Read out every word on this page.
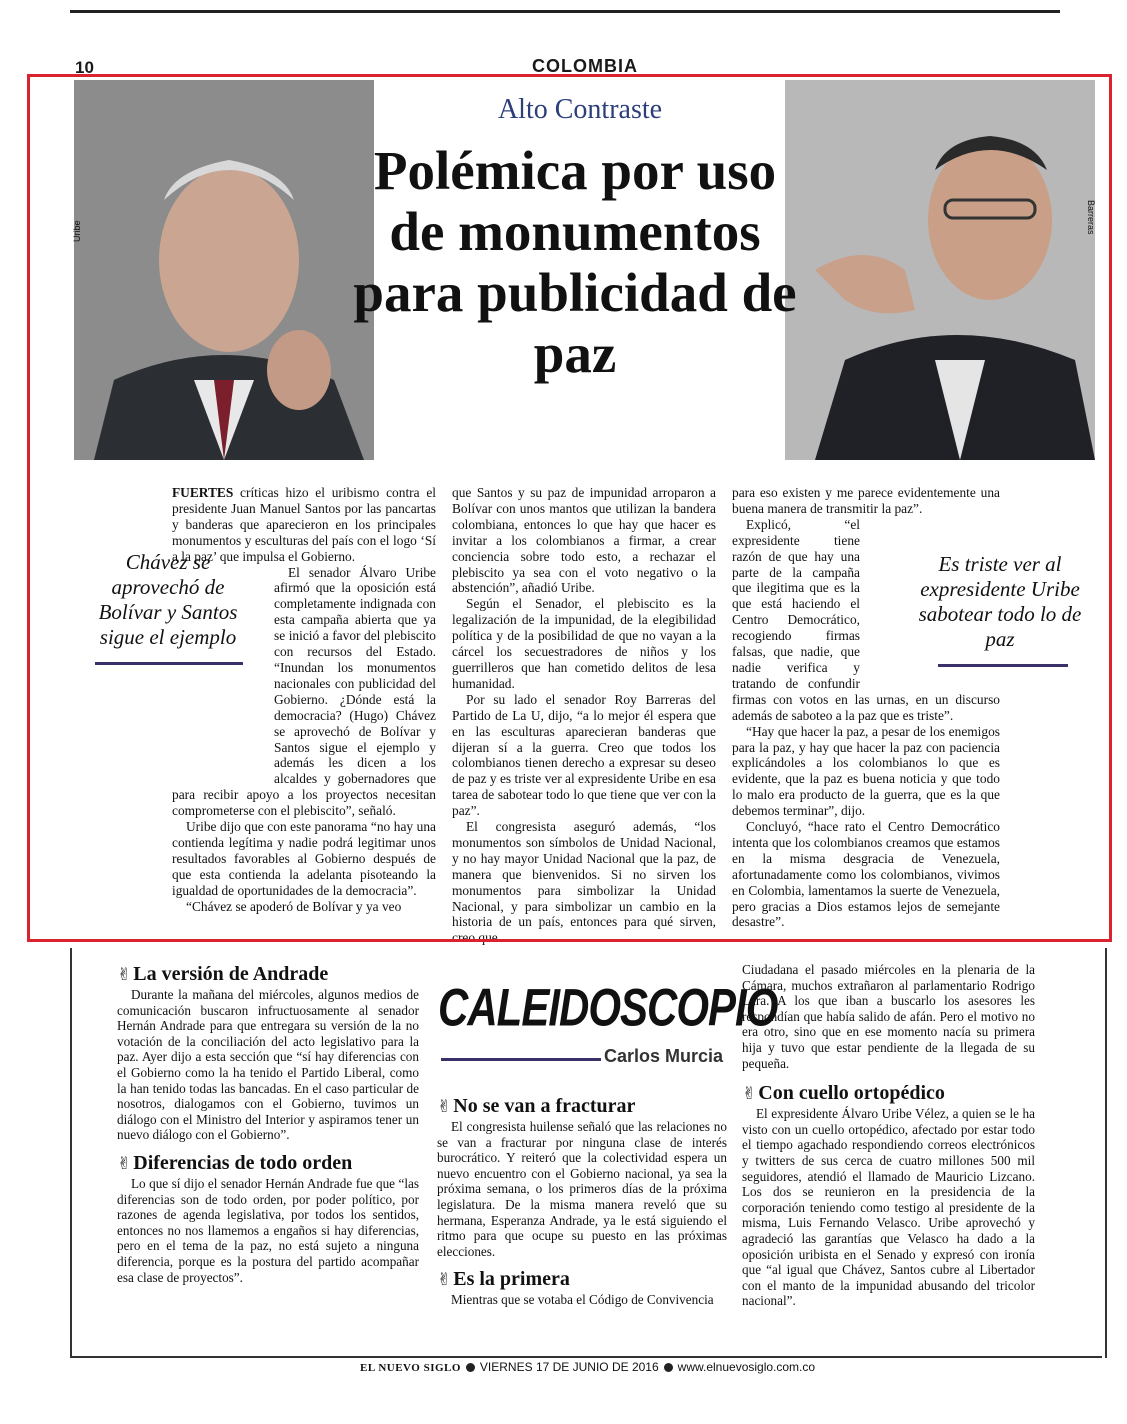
10	COLOMBIA
Uribe	Barreras
Alto Contraste
Polémica por uso de monumentos para publicidad de paz
Chávez se aprovechó de Bolívar y Santos sigue el ejemplo
Es triste ver al expresidente Uribe sabotear todo lo de paz

FUERTES críticas hizo el uribismo contra el presidente Juan Manuel Santos por las pancartas y banderas que aparecieron en los principales monumentos y esculturas del país con el logo ‘Sí a la paz’ que impulsa el Gobierno.

El senador Álvaro Uribe afirmó que la oposición está completamente indignada con esta campaña abierta que ya se inició a favor del plebiscito con recursos del Estado. “Inundan los monumentos nacionales con publicidad del Gobierno. ¿Dónde está la democracia? (Hugo) Chávez se aprovechó de Bolívar y Santos sigue el ejemplo y además les dicen a los alcaldes y gobernadores que para recibir apoyo a los proyectos necesitan comprometerse con el plebiscito”, señaló.

Uribe dijo que con este panorama “no hay una contienda legítima y nadie podrá legitimar unos resultados favorables al Gobierno después de que esta contienda la adelanta pisoteando la igualdad de oportunidades de la democracia”.

“Chávez se apoderó de Bolívar y ya veo

que Santos y su paz de impunidad arroparon a Bolívar con unos mantos que utilizan la bandera colombiana, entonces lo que hay que hacer es invitar a los colombianos a firmar, a crear conciencia sobre todo esto, a rechazar el plebiscito ya sea con el voto negativo o la abstención”, añadió Uribe.

Según el Senador, el plebiscito es la legalización de la impunidad, de la elegibilidad política y de la posibilidad de que no vayan a la cárcel los secuestradores de niños y los guerrilleros que han cometido delitos de lesa humanidad.

Por su lado el senador Roy Barreras del Partido de La U, dijo, “a lo mejor él espera que en las esculturas aparecieran banderas que dijeran sí a la guerra. Creo que todos los colombianos tienen derecho a expresar su deseo de paz y es triste ver al expresidente Uribe en esa tarea de sabotear todo lo que tiene que ver con la paz”.

El congresista aseguró además, “los monumentos son símbolos de Unidad Nacional, y no hay mayor Unidad Nacional que la paz, de manera que bienvenidos. Si no sirven los monumentos para simbolizar la Unidad Nacional, y para simbolizar un cambio en la historia de un país, entonces para qué sirven, creo que

para eso existen y me parece evidentemente una buena manera de transmitir la paz”.

Explicó, “el expresidente tiene razón de que hay una parte de la campaña que ilegitima que es la que está haciendo el Centro Democrático, recogiendo firmas falsas, que nadie, que nadie verifica y tratando de confundir firmas con votos en las urnas, en un discurso además de saboteo a la paz que es triste”.

“Hay que hacer la paz, a pesar de los enemigos para la paz, y hay que hacer la paz con paciencia explicándoles a los colombianos lo que es evidente, que la paz es buena noticia y que todo lo malo era producto de la guerra, que es la que debemos terminar”, dijo.

Concluyó, “hace rato el Centro Democrático intenta que los colombianos creamos que estamos en la misma desgracia de Venezuela, afortunadamente como los colombianos, vivimos en Colombia, lamentamos la suerte de Venezuela, pero gracias a Dios estamos lejos de semejante desastre”.

✌ La versión de Andrade

Durante la mañana del miércoles, algunos medios de comunicación buscaron infructuosamente al senador Hernán Andrade para que entregara su versión de la no votación de la conciliación del acto legislativo para la paz. Ayer dijo a esta sección que “sí hay diferencias con el Gobierno como la ha tenido el Partido Liberal, como la han tenido todas las bancadas. En el caso particular de nosotros, dialogamos con el Gobierno, tuvimos un diálogo con el Ministro del Interior y aspiramos tener un nuevo diálogo con el Gobierno”.

✌ Diferencias de todo orden

Lo que sí dijo el senador Hernán Andrade fue que “las diferencias son de todo orden, por poder político, por razones de agenda legislativa, por todos los sentidos, entonces no nos llamemos a engaños si hay diferencias, pero en el tema de la paz, no está sujeto a ninguna diferencia, porque es la postura del partido acompañar esa clase de proyectos”.

CALEIDOSCOPIO
Carlos Murcia
✌ No se van a fracturar

El congresista huilense señaló que las relaciones no se van a fracturar por ninguna clase de interés burocrático. Y reiteró que la colectividad espera un nuevo encuentro con el Gobierno nacional, ya sea la próxima semana, o los primeros días de la próxima legislatura. De la misma manera reveló que su hermana, Esperanza Andrade, ya le está siguiendo el ritmo para que ocupe su puesto en las próximas elecciones.

✌ Es la primera

Mientras que se votaba el Código de Convivencia

Ciudadana el pasado miércoles en la plenaria de la Cámara, muchos extrañaron al parlamentario Rodrigo Lara. A los que iban a buscarlo los asesores les respondían que había salido de afán. Pero el motivo no era otro, sino que en ese momento nacía su primera hija y tuvo que estar pendiente de la llegada de su pequeña.

✌ Con cuello ortopédico

El expresidente Álvaro Uribe Vélez, a quien se le ha visto con un cuello ortopédico, afectado por estar todo el tiempo agachado respondiendo correos electrónicos y twitters de sus cerca de cuatro millones 500 mil seguidores, atendió el llamado de Mauricio Lizcano. Los dos se reunieron en la presidencia de la corporación teniendo como testigo al presidente de la misma, Luis Fernando Velasco. Uribe aprovechó y agradeció las garantías que Velasco ha dado a la oposición uribista en el Senado y expresó con ironía que “al igual que Chávez, Santos cubre al Libertador con el manto de la impunidad abusando del tricolor nacional”.

EL NUEVO SIGLO VIERNES 17 DE JUNIO DE 2016 www.elnuevosiglo.com.co
